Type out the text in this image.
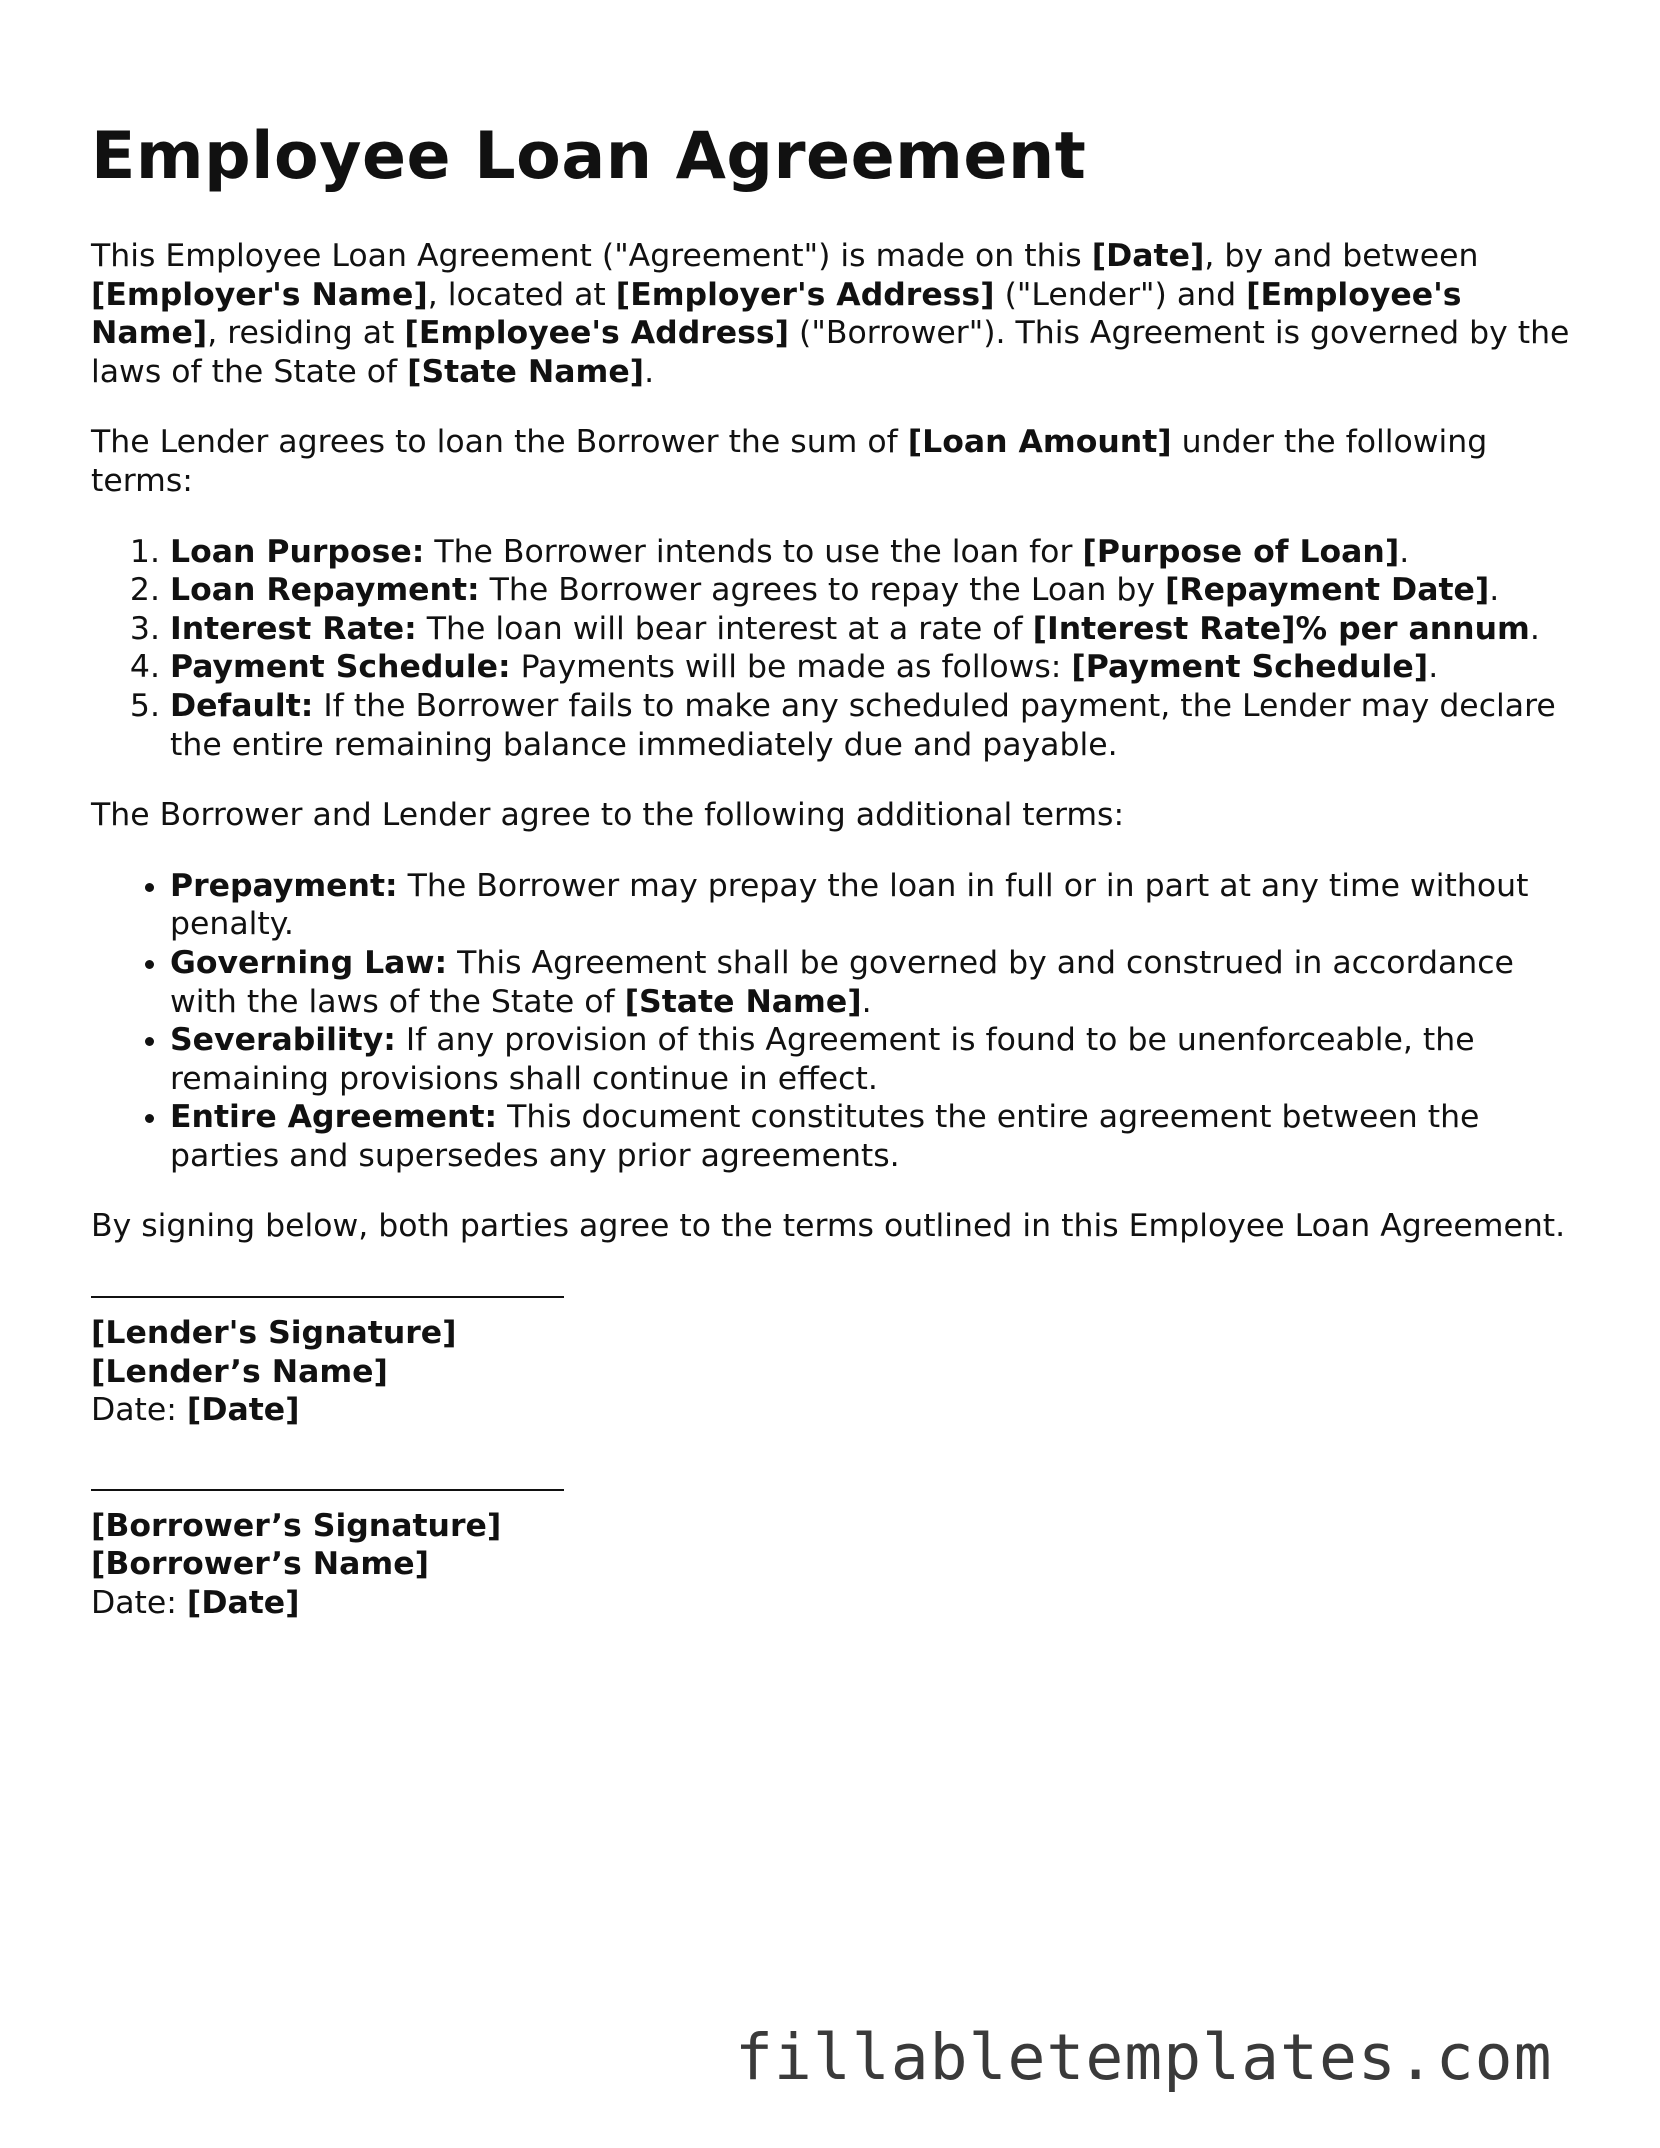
Employee Loan Agreement

This Employee Loan Agreement ("Agreement") is made on this [Date], by and between [Employer's Name], located at [Employer's Address] ("Lender") and [Employee's Name], residing at [Employee's Address] ("Borrower"). This Agreement is governed by the laws of the State of [State Name].

The Lender agrees to loan the Borrower the sum of [Loan Amount] under the following terms:

1. Loan Purpose: The Borrower intends to use the loan for [Purpose of Loan].
2. Loan Repayment: The Borrower agrees to repay the Loan by [Repayment Date].
3. Interest Rate: The loan will bear interest at a rate of [Interest Rate]% per annum.
4. Payment Schedule: Payments will be made as follows: [Payment Schedule].
5. Default: If the Borrower fails to make any scheduled payment, the Lender may declare the entire remaining balance immediately due and payable.

The Borrower and Lender agree to the following additional terms:

• Prepayment: The Borrower may prepay the loan in full or in part at any time without penalty.
• Governing Law: This Agreement shall be governed by and construed in accordance with the laws of the State of [State Name].
• Severability: If any provision of this Agreement is found to be unenforceable, the remaining provisions shall continue in effect.
• Entire Agreement: This document constitutes the entire agreement between the parties and supersedes any prior agreements.

By signing below, both parties agree to the terms outlined in this Employee Loan Agreement.

[Lender's Signature]
[Lender’s Name]
Date: [Date]
[Borrower’s Signature]
[Borrower’s Name]
Date: [Date]
fillabletemplates.com
